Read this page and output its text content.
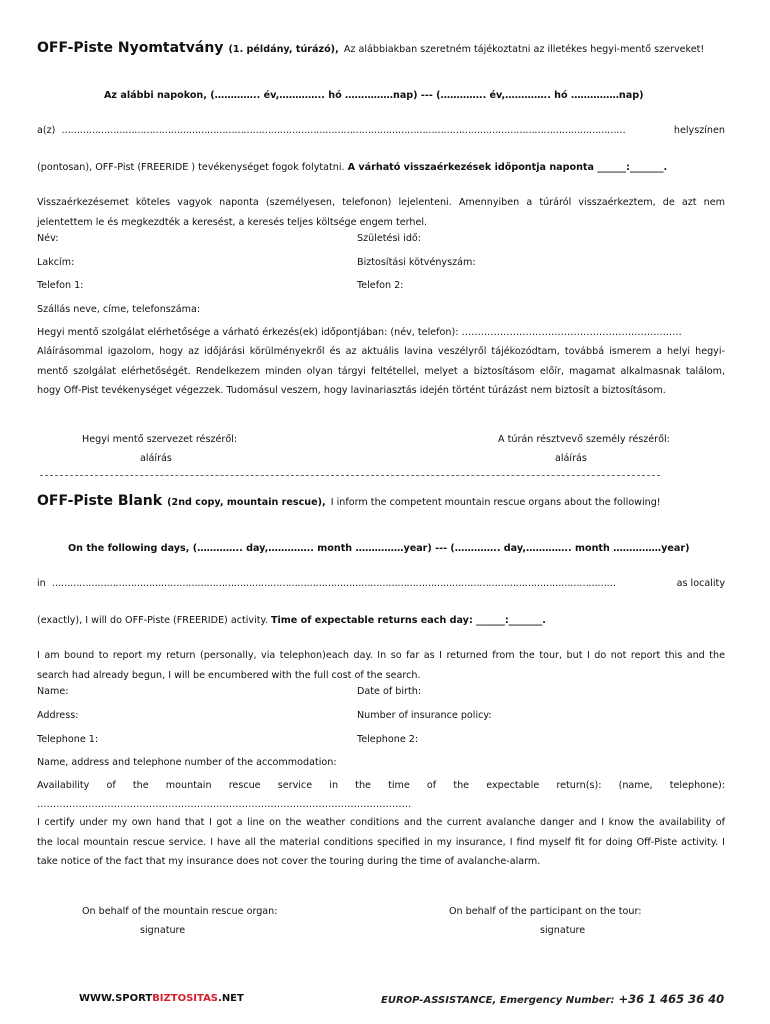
OFF-Piste Nyomtatvány (1. példány, túrázó), Az alábbiakban szeretném tájékoztatni az illetékes hegyi-mentő szerveket!
Az alábbi napokon, (………….. év,………….. hó ……………nap) --- (………….. év,………….. hó ……………nap)
a(z) ……………………………………………………………………………………………………………………………………………………………………	helyszínen
(pontosan), OFF-Pist (FREERIDE ) tevékenységet fogok folytatni. A várható visszaérkezések időpontja naponta ______:_______.
Visszaérkezésemet köteles vagyok naponta (személyesen, telefonon) lejelenteni. Amennyiben a túráról visszaérkeztem, de azt nem
jelentettem le és megkezdték a keresést, a keresés teljes költsége engem terhel.
Név:	Születési idő:
Lakcím:	Biztosítási kötvényszám:
Telefon 1:	Telefon 2:
Szállás neve, címe, telefonszáma:
Hegyi mentő szolgálat elérhetősége a várható érkezés(ek) időpontjában: (név, telefon): ……………………………………………………..…….
Aláírásommal igazolom, hogy az időjárási körülményekről és az aktuális lavina veszélyről tájékozódtam, továbbá ismerem a helyi hegyi-
mentő szolgálat elérhetőségét. Rendelkezem minden olyan tárgyi feltétellel, melyet a biztosításom előír, magamat alkalmasnak találom,
hogy Off-Pist tevékenységet végezzek. Tudomásul veszem, hogy lavinariasztás idején történt túrázást nem biztosít a biztosításom.
Hegyi mentő szervezet részéről:
aláírás
A túrán résztvevő személy részéről:
aláírás
OFF-Piste Blank (2nd copy, mountain rescue), I inform the competent mountain rescue organs about the following!
On the following days, (………….. day,………….. month ……………year) --- (………….. day,………….. month ……………year)
in ……………………………………………………………………………………………………………………………………………………………………	as locality
(exactly), I will do OFF-Piste (FREERIDE) activity. Time of expectable returns each day: ______:_______.
I am bound to report my return (personally, via telephon)each day. In so far as I returned from the tour, but I do not report this and the
search had already begun, I will be encumbered with the full cost of the search.
Name:	Date of birth:
Address:	Number of insurance policy:
Telephone 1:	Telephone 2:
Name, address and telephone number of the accommodation:
Availability of the mountain rescue service in the time of the expectable return(s): (name, telephone):
………………………………………………………………………………………………………
I certify under my own hand that I got a line on the weather conditions and the current avalanche danger and I know the availability of
the local mountain rescue service. I have all the material conditions specified in my insurance, I find myself fit for doing Off-Piste activity. I
take notice of the fact that my insurance does not cover the touring during the time of avalanche-alarm.
On behalf of the mountain rescue organ:
signature
On behalf of the participant on the tour:
signature
WWW.SPORTBIZTOSITAS.NET	EUROP-ASSISTANCE, Emergency Number: +36 1 465 36 40
